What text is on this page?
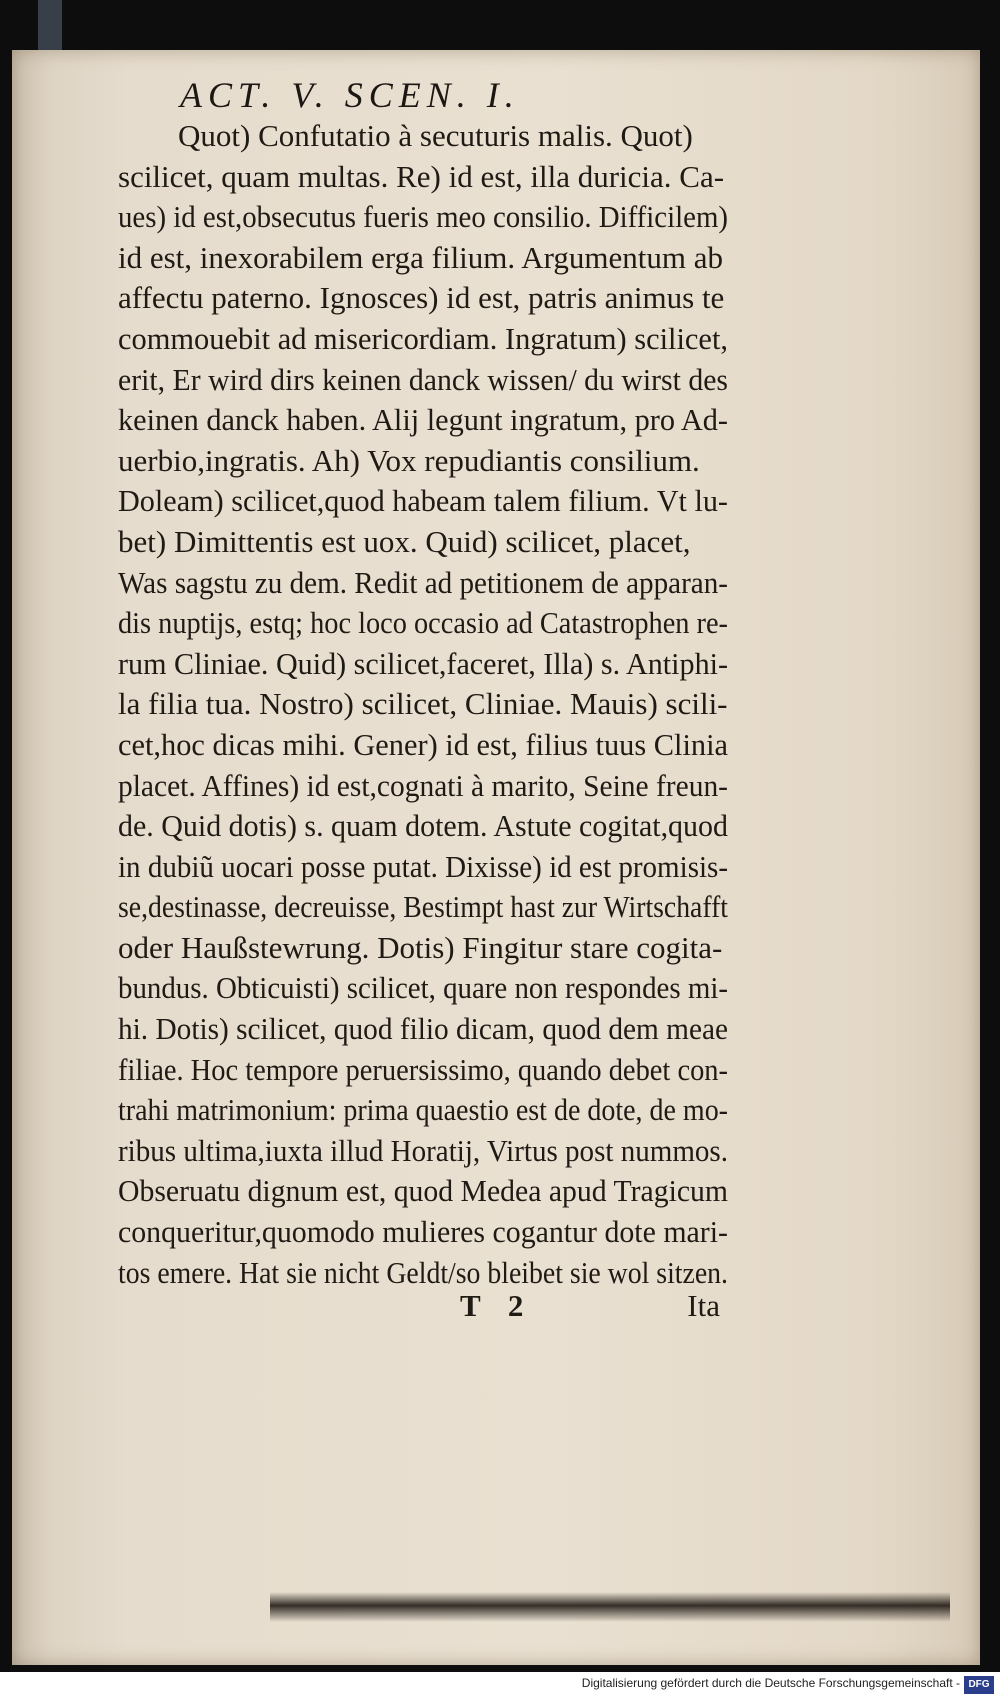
ACT. V. SCEN. I.
Quot) Confutatio à secuturis malis. Quot)
scilicet, quam multas. Re) id est, illa duricia. Ca-
ues) id est,obsecutus fueris meo consilio. Difficilem)
id est, inexorabilem erga filium. Argumentum ab
affectu paterno. Ignosces) id est, patris animus te
commouebit ad misericordiam. Ingratum) scilicet,
erit, Er wird dirs keinen danck wissen/ du wirst des
keinen danck haben. Alij legunt ingratum, pro Ad-
uerbio,ingratis. Ah) Vox repudiantis consilium.
Doleam) scilicet,quod habeam talem filium. Vt lu-
bet) Dimittentis est uox. Quid) scilicet, placet,
Was sagstu zu dem. Redit ad petitionem de apparan-
dis nuptijs, estq; hoc loco occasio ad Catastrophen re-
rum Cliniae. Quid) scilicet,faceret, Illa) s. Antiphi-
la filia tua. Nostro) scilicet, Cliniae. Mauis) scili-
cet,hoc dicas mihi. Gener) id est, filius tuus Clinia
placet. Affines) id est,cognati à marito, Seine freun-
de. Quid dotis) s. quam dotem. Astute cogitat,quod
in dubiũ uocari posse putat. Dixisse) id est promisis-
se,destinasse, decreuisse, Bestimpt hast zur Wirtschafft
oder Haußstewrung. Dotis) Fingitur stare cogita-
bundus. Obticuisti) scilicet, quare non respondes mi-
hi. Dotis) scilicet, quod filio dicam, quod dem meae
filiae. Hoc tempore peruersissimo, quando debet con-
trahi matrimonium: prima quaestio est de dote, de mo-
ribus ultima,iuxta illud Horatij, Virtus post nummos.
Obseruatu dignum est, quod Medea apud Tragicum
conqueritur,quomodo mulieres cogantur dote mari-
tos emere. Hat sie nicht Geldt/so bleibet sie wol sitzen.
T 2	Ita
Digitalisierung gefördert durch die Deutsche Forschungsgemeinschaft - DFG
